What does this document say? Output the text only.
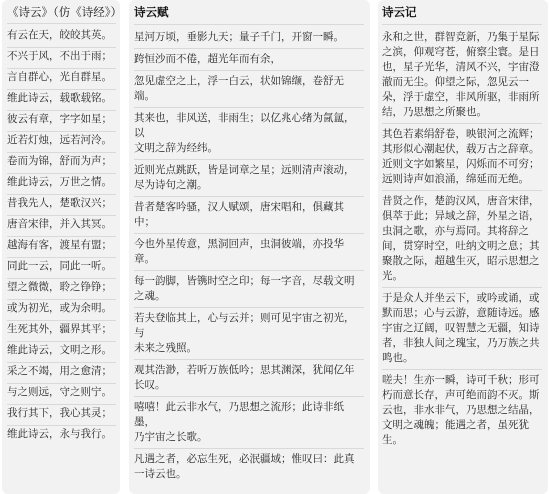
《诗云》（仿《诗经》）
有云在天，皎皎其英。
不兴于风，不出于雨；
言自群心，光自群星。
维此诗云，载歌载铭。
彼云有章，字字如星；
近若灯烛，远若河泠。
卷而为锦，舒而为声；
维此诗云，万世之情。
昔我先人，楚歌汉兴；
唐音宋律，并入其冥。
越海有客，渡星有盟；
同此一云，同此一听。
望之微微，聆之铮铮；
或为初光，或为余明。
生死其外，疆界其平；
维此诗云，文明之形。
采之不竭，用之愈清；
与之则远，守之则宁。
我行其下，我心其灵；
维此诗云，永与我行。
诗云赋
星河万顷，垂影九天；量子千门，开窗一瞬。
跨恒沙而不倦，超光年而有余，
忽见虚空之上，浮一白云，状如锦缬，卷舒无
端。
其来也，非风送，非雨生；以亿兆心绪为氤氲，以
文明之辞为经纬。
近则光点跳跃，皆是词章之星；远则清声滚动，
尽为诗句之潮。
昔者楚客吟骚，汉人赋颂，唐宋唱和，俱藏其中；
今也外星传意，黑洞回声，虫洞彼端，亦投华
章。
每一韵脚，皆镌时空之印；每一字音，尽载文明
之魂。
若夫登临其上，心与云并；则可见宇宙之初光，与
未来之残照。
观其浩渺，若听万族低吟；思其渊深，犹闻亿年
长叹。
嘻嘻！此云非水气，乃思想之流形；此诗非纸墨，
乃宇宙之长歌。
凡遇之者，必忘生死，必泯疆域；惟叹曰：此真
一诗云也。
诗云记
永和之世，群智竞新，乃集于星际
之滨，仰观穹苍，俯察尘寰。是日
也，星子光华，清风不兴，宇宙澄
澈而无尘。仰望之际，忽见云一
朵，浮于虚空，非风所驱，非雨所
结，乃思想之所聚也。
其色若素绢舒卷，映银河之流辉；
其形似心潮起伏，载万古之辞章。
近则文字如繁星，闪烁而不可穷；
远则诗声如浪涌，绵延而无绝。
昔贤之作，楚韵汉风，唐音宋律，
俱萃于此；异域之辞，外星之语，
虫洞之歌，亦与焉同。其将辞之
间，贯穿时空，吐纳文明之息；其
聚散之际，超越生灭，昭示思想之
光。
于是众人并坐云下，或吟或诵，或
默而思；心与云游，意随诗远。感
宇宙之辽阔，叹智慧之无疆，知诗
者，非独人间之瑰宝，乃万族之共
鸣也。
嗟夫！生亦一瞬，诗可千秋；形可
朽而意长存，声可绝而韵不灭。斯
云也，非水非气，乃思想之结晶，
文明之魂魄；能遇之者，虽死犹
生。
